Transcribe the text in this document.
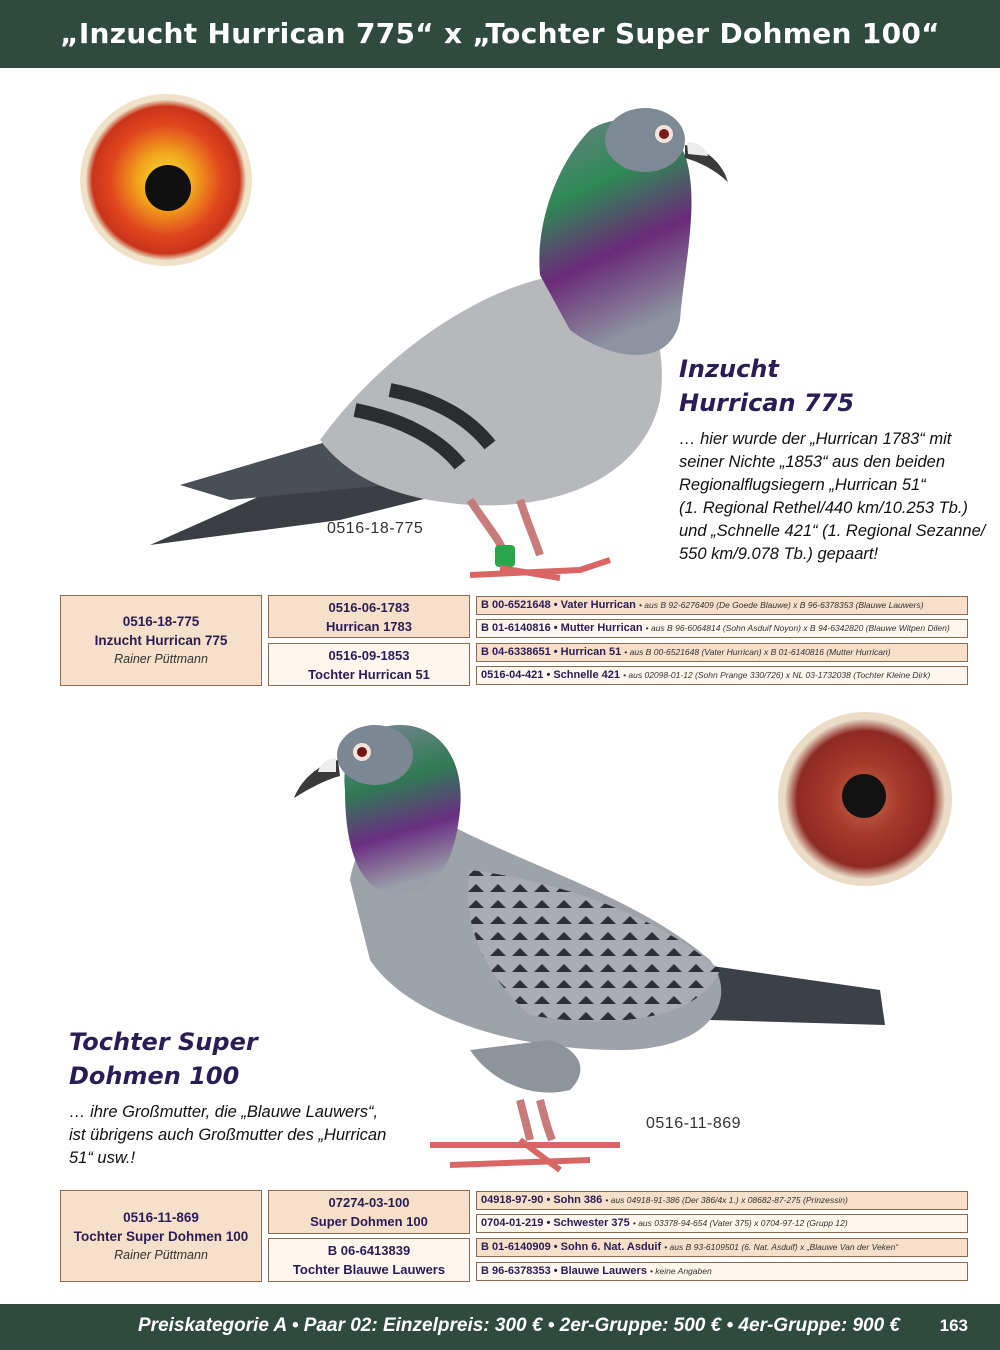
„Inzucht Hurrican 775“ x „Tochter Super Dohmen 100“
0516-18-775

Inzucht
Hurrican 775

… hier wurde der „Hurrican 1783“ mit
seiner Nichte „1853“ aus den beiden
Regionalflugsiegern „Hurrican 51“
(1. Regional Rethel/440 km/10.253 Tb.)
und „Schnelle 421“ (1. Regional Sezanne/
550 km/9.078 Tb.) gepaart!

0516-18-775
Inzucht Hurrican 775
Rainer Püttmann
0516-06-1783
Hurrican 1783
0516-09-1853
Tochter Hurrican 51
B 00-6521648 • Vater Hurrican • aus B 92-6276409 (De Goede Blauwe) x B 96-6378353 (Blauwe Lauwers)
B 01-6140816 • Mutter Hurrican • aus B 96-6064814 (Sohn Asduif Noyon) x B 94-6342820 (Blauwe Witpen Dilen)
B 04-6338651 • Hurrican 51 • aus B 00-6521648 (Vater Hurrican) x B 01-6140816 (Mutter Hurrican)
0516-04-421 • Schnelle 421 • aus 02098-01-12 (Sohn Prange 330/726) x NL 03-1732038 (Tochter Kleine Dirk)
0516-11-869

Tochter Super
Dohmen 100

… ihre Großmutter, die „Blauwe Lauwers“,
ist übrigens auch Großmutter des „Hurrican
51“ usw.!

0516-11-869
Tochter Super Dohmen 100
Rainer Püttmann
07274-03-100
Super Dohmen 100
B 06-6413839
Tochter Blauwe Lauwers
04918-97-90 • Sohn 386 • aus 04918-91-386 (Der 386/4x 1.) x 08682-87-275 (Prinzessin)
0704-01-219 • Schwester 375 • aus 03378-94-654 (Vater 375) x 0704-97-12 (Grupp 12)
B 01-6140909 • Sohn 6. Nat. Asduif • aus B 93-6109501 (6. Nat. Asduif) x „Blauwe Van der Veken“
B 96-6378353 • Blauwe Lauwers • keine Angaben
Preiskategorie A • Paar 02: Einzelpreis: 300 € • 2er-Gruppe: 500 € • 4er-Gruppe: 900 € 163
